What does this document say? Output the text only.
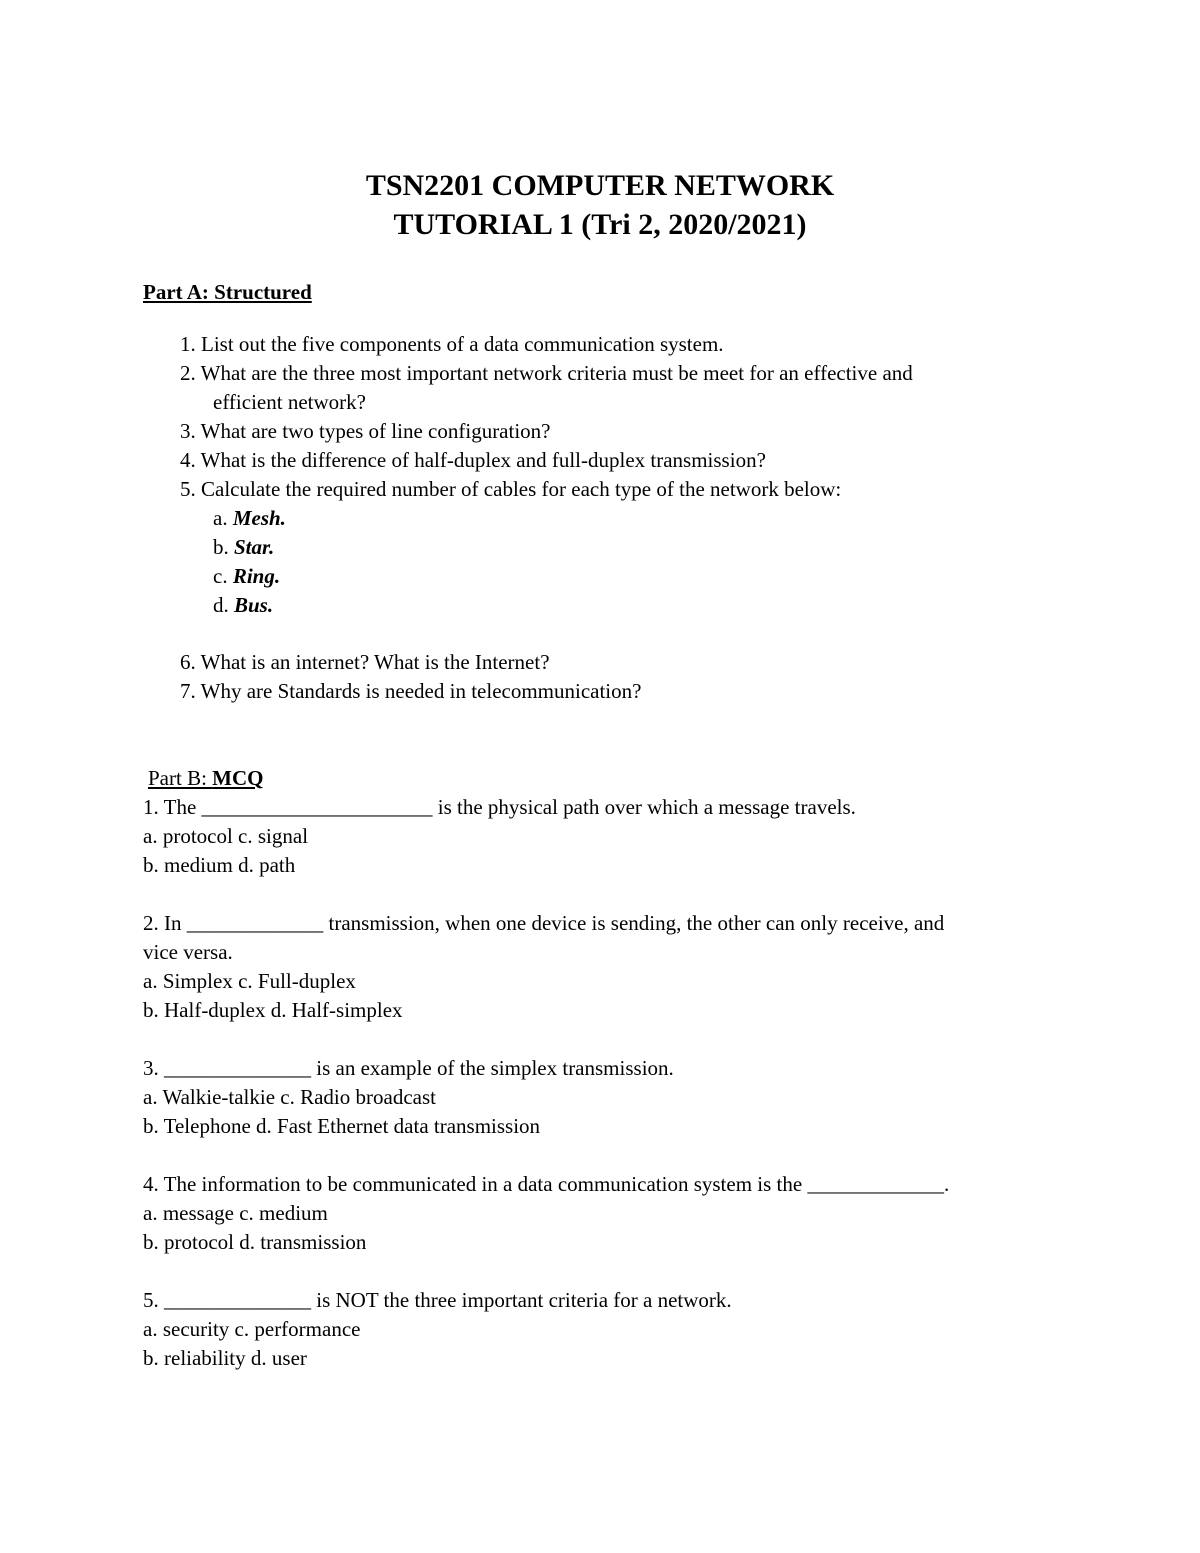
TSN2201 COMPUTER NETWORK
TUTORIAL 1 (Tri 2, 2020/2021)
Part A: Structured
1. List out the five components of a data communication system.
2. What are the three most important network criteria must be meet for an effective and
efficient network?
3. What are two types of line configuration?
4. What is the difference of half-duplex and full-duplex transmission?
5. Calculate the required number of cables for each type of the network below:
a. Mesh.
b. Star.
c. Ring.
d. Bus.
6. What is an internet? What is the Internet?
7. Why are Standards is needed in telecommunication?
Part B: MCQ
1. The ______________________ is the physical path over which a message travels.
a. protocol c. signal
b. medium d. path
2. In _____________ transmission, when one device is sending, the other can only receive, and
vice versa.
a. Simplex c. Full-duplex
b. Half-duplex d. Half-simplex
3. ______________ is an example of the simplex transmission.
a. Walkie-talkie c. Radio broadcast
b. Telephone d. Fast Ethernet data transmission
4. The information to be communicated in a data communication system is the _____________.
a. message c. medium
b. protocol d. transmission
5. ______________ is NOT the three important criteria for a network.
a. security c. performance
b. reliability d. user
